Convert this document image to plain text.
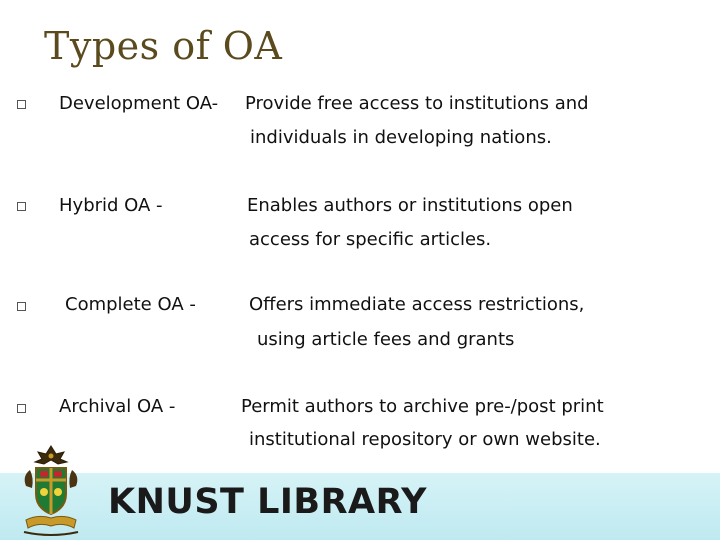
Types of OA
Development OA- Provide free access to institutions and
individuals in developing nations.
Hybrid OA -	Enables authors or institutions open
access for specific articles.
Complete OA -	Offers immediate access restrictions,
using article fees and grants
Archival OA -	Permit authors to archive pre-/post print
institutional repository or own website.
KNUST LIBRARY
